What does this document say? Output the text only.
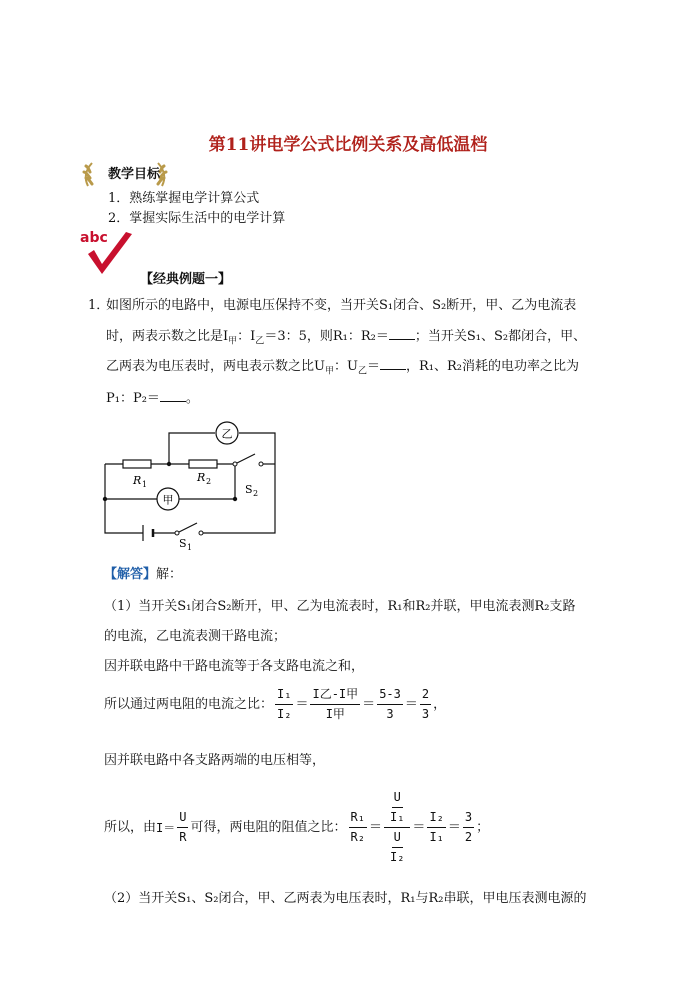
第11讲电学公式比例关系及高低温档
教学目标
1．熟练掌握电学计算公式
2．掌握实际生活中的电学计算
abc
【经典例题一】
1．
如图所示的电路中，电源电压保持不变，当开关S₁闭合、S₂断开，甲、乙为电流表
时，两表示数之比是$I_甲$：$I_乙=3$：5，则R₁：R₂＝ ；当开关S₁、S₂都闭合，甲、
乙两表为电压表时，两电表示数之比$U_甲$：$U_乙=$ ，R₁、R₂消耗的电功率之比为
P₁：P₂＝ 。
甲
乙
R 1
R 2
S 2
S 1
【解答】解：
（1）当开关S₁闭合S₂断开，甲、乙为电流表时，R₁和R₂并联，甲电流表测R₂支路
的电流，乙电流表测干路电流；
因并联电路中干路电流等于各支路电流之和，
所以通过两电阻的电流之比： $\frac{\text{I₁}}{\text{I₂}} = \frac{\text{I乙-I甲}}{\text{I甲}} = \frac{5-3}{3} = \frac{2}{3}$ ，
因并联电路中各支路两端的电压相等，
所以，由 $I= \frac{U}{R}$ 可得，两电阻的阻值之比： $\frac{\text{R₁}}{\text{R₂}} = \frac{\frac{U}{\text{I₁}}}{\frac{U}{\text{I₂}}} = \frac{\text{I₂}}{\text{I₁}} = \frac{3}{2}$ ；
（2）当开关S₁、S₂闭合，甲、乙两表为电压表时，R₁与R₂串联，甲电压表测电源的
